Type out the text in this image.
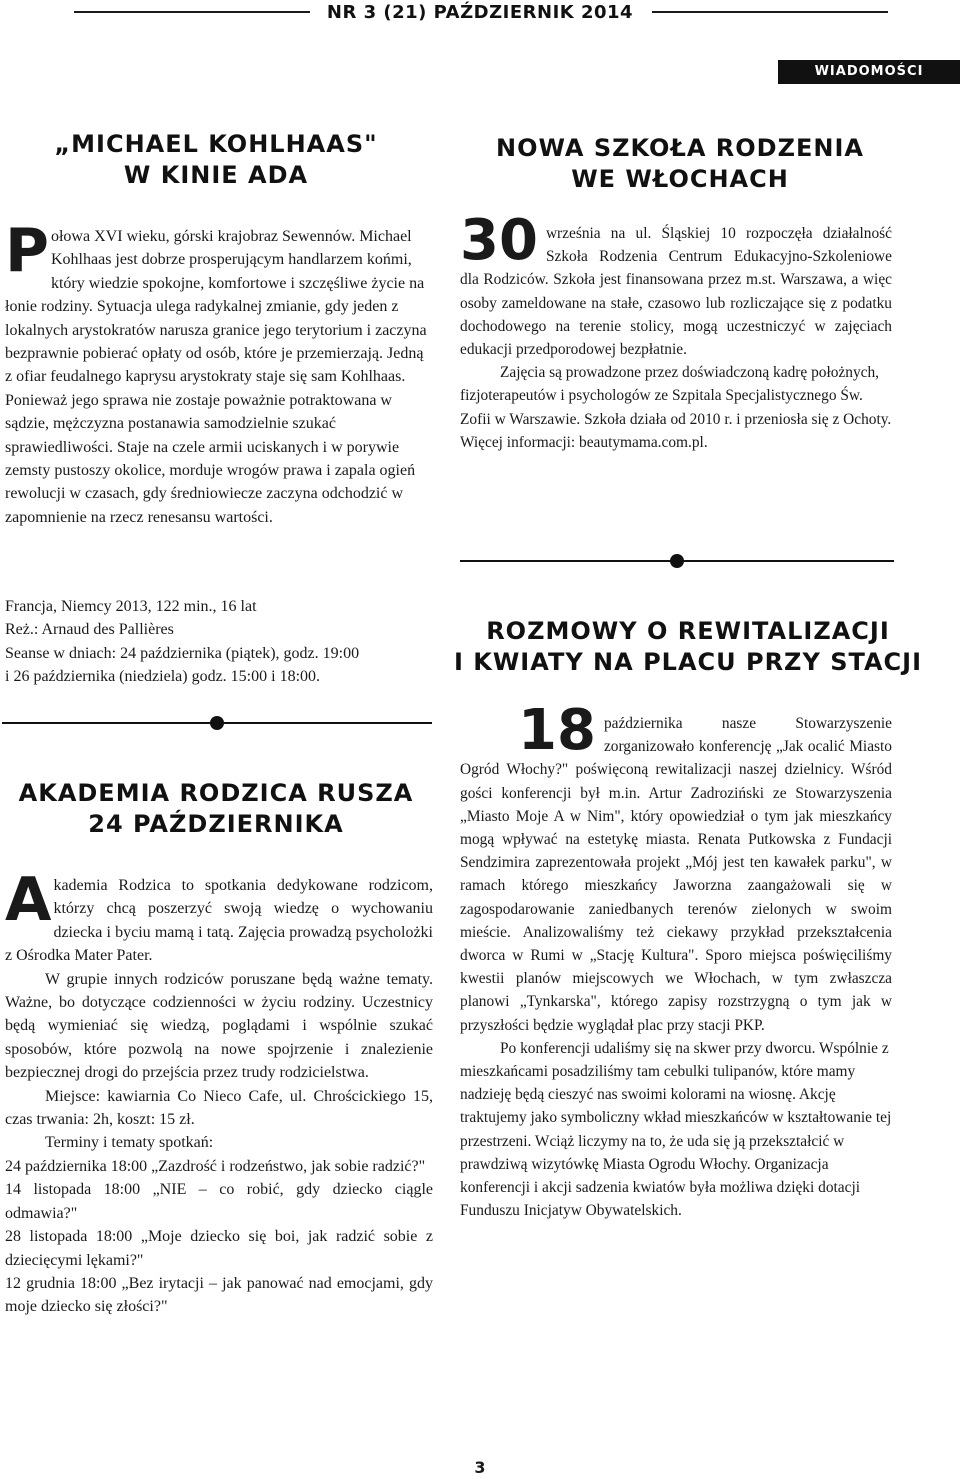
NR 3 (21) PAŹDZIERNIK 2014
WIADOMOŚCI
„MICHAEL KOHLHAAS"
W KINIE ADA

Połowa XVI wieku, górski krajobraz Sewennów. Michael Kohlhaas jest dobrze prosperującym handlarzem końmi, który wiedzie spokojne, komfortowe i szczęśliwe życie na łonie rodziny. Sytuacja ulega radykalnej zmianie, gdy jeden z lokalnych arystokratów narusza granice jego terytorium i zaczyna bezprawnie pobierać opłaty od osób, które je przemierzają. Jedną z ofiar feudalnego kaprysu arystokraty staje się sam Kohlhaas. Ponieważ jego sprawa nie zostaje poważnie potraktowana w sądzie, mężczyzna postanawia samodzielnie szukać sprawiedliwości. Staje na czele armii uciskanych i w porywie zemsty pustoszy okolice, morduje wrogów prawa i zapala ogień rewolucji w czasach, gdy średniowiecze zaczyna odchodzić w zapomnienie na rzecz renesansu wartości.

Francja, Niemcy 2013, 122 min., 16 lat
Reż.: Arnaud des Pallières
Seanse w dniach: 24 października (piątek), godz. 19:00
i 26 października (niedziela) godz. 15:00 i 18:00.
AKADEMIA RODZICA RUSZA
24 PAŹDZIERNIKA

Akademia Rodzica to spotkania dedykowane rodzicom, którzy chcą poszerzyć swoją wiedzę o wychowaniu dziecka i byciu mamą i tatą. Zajęcia prowadzą psycholożki z Ośrodka Mater Pater.

W grupie innych rodziców poruszane będą ważne tematy. Ważne, bo dotyczące codzienności w życiu rodziny. Uczestnicy będą wymieniać się wiedzą, poglądami i wspólnie szukać sposobów, które pozwolą na nowe spojrzenie i znalezienie bezpiecznej drogi do przejścia przez trudy rodzicielstwa.

Miejsce: kawiarnia Co Nieco Cafe, ul. Chrościckiego 15, czas trwania: 2h, koszt: 15 zł.

Terminy i tematy spotkań:

24 października 18:00 „Zazdrość i rodzeństwo, jak sobie radzić?"

14 listopada 18:00 „NIE – co robić, gdy dziecko ciągle odmawia?"

28 listopada 18:00 „Moje dziecko się boi, jak radzić sobie z dziecięcymi lękami?"

12 grudnia 18:00 „Bez irytacji – jak panować nad emocjami, gdy moje dziecko się złości?"

NOWA SZKOŁA RODZENIA
WE WŁOCHACH

30 września na ul. Śląskiej 10 rozpoczęła działalność Szkoła Rodzenia Centrum Edukacyjno-Szkoleniowe dla Rodziców. Szkoła jest finansowana przez m.st. Warszawa, a więc osoby zameldowane na stałe, czasowo lub rozliczające się z podatku dochodowego na terenie stolicy, mogą uczestniczyć w zajęciach edukacji przedporodowej bezpłatnie.

Zajęcia są prowadzone przez doświadczoną kadrę położnych, fizjoterapeutów i psychologów ze Szpitala Specjalistycznego Św. Zofii w Warszawie. Szkoła działa od 2010 r. i przeniosła się z Ochoty. Więcej informacji: beautymama.com.pl.

ROZMOWY O REWITALIZACJI
I KWIATY NA PLACU PRZY STACJI

18 października nasze Stowarzyszenie zorganizowało konferencję „Jak ocalić Miasto Ogród Włochy?" poświęconą rewitalizacji naszej dzielnicy. Wśród gości konferencji był m.in. Artur Zadroziński ze Stowarzyszenia „Miasto Moje A w Nim", który opowiedział o tym jak mieszkańcy mogą wpływać na estetykę miasta. Renata Putkowska z Fundacji Sendzimira zaprezentowała projekt „Mój jest ten kawałek parku", w ramach którego mieszkańcy Jaworzna zaangażowali się w zagospodarowanie zaniedbanych terenów zielonych w swoim mieście. Analizowaliśmy też ciekawy przykład przekształcenia dworca w Rumi w „Stację Kultura". Sporo miejsca poświęciliśmy kwestii planów miejscowych we Włochach, w tym zwłaszcza planowi „Tynkarska", którego zapisy rozstrzygną o tym jak w przyszłości będzie wyglądał plac przy stacji PKP.

Po konferencji udaliśmy się na skwer przy dworcu. Wspólnie z mieszkańcami posadziliśmy tam cebulki tulipanów, które mamy nadzieję będą cieszyć nas swoimi kolorami na wiosnę. Akcję traktujemy jako symboliczny wkład mieszkańców w kształtowanie tej przestrzeni. Wciąż liczymy na to, że uda się ją przekształcić w prawdziwą wizytówkę Miasta Ogrodu Włochy. Organizacja konferencji i akcji sadzenia kwiatów była możliwa dzięki dotacji Funduszu Inicjatyw Obywatelskich.

3
